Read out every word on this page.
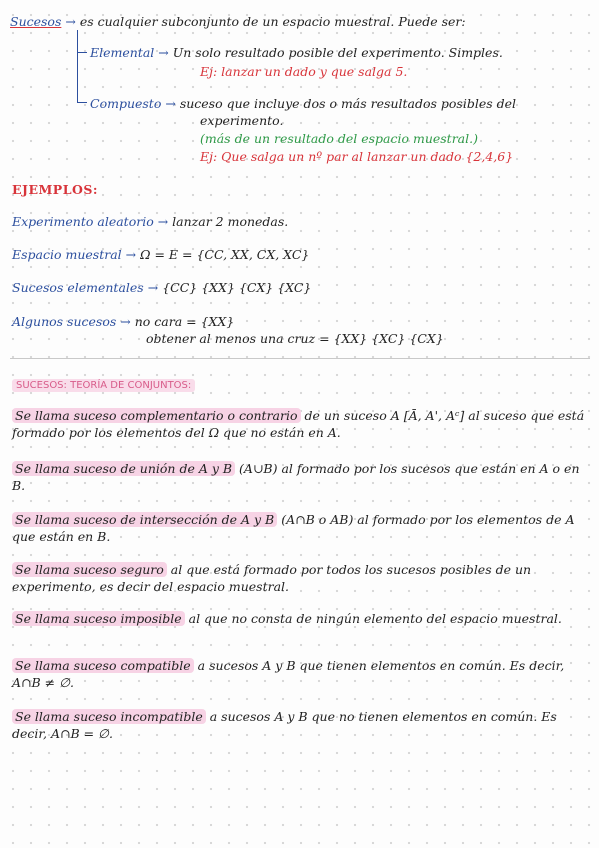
Sucesos → es cualquier subconjunto de un espacio muestral. Puede ser:
Elemental → Un solo resultado posible del experimento. Simples.
Ej: lanzar un dado y que salga 5.
Compuesto → suceso que incluye dos o más resultados posibles del
experimento.
(más de un resultado del espacio muestral.)
Ej: Que salga un nº par al lanzar un dado {2,4,6}
EJEMPLOS:
Experimento aleatorio → lanzar 2 monedas.
Espacio muestral → Ω = E = {CC, XX, CX, XC}
Sucesos elementales → {CC} {XX} {CX} {XC}
Algunos sucesos → no cara = {XX}
obtener al menos una cruz = {XX} {XC} {CX}
SUCESOS: TEORÍA DE CONJUNTOS:
Se llama suceso complementario o contrario de un suceso A [Ā, A', Aᶜ] al suceso que está formado por los elementos del Ω que no están en A.
Se llama suceso de unión de A y B (A∪B) al formado por los sucesos que están en A o en B.
Se llama suceso de intersección de A y B (A∩B o AB) al formado por los elementos de A que están en B.
Se llama suceso seguro al que está formado por todos los sucesos posibles de un experimento, es decir del espacio muestral.
Se llama suceso imposible al que no consta de ningún elemento del espacio muestral.
Se llama suceso compatible a sucesos A y B que tienen elementos en común. Es decir, A∩B ≠ ∅.
Se llama suceso incompatible a sucesos A y B que no tienen elementos en común. Es decir, A∩B = ∅.
